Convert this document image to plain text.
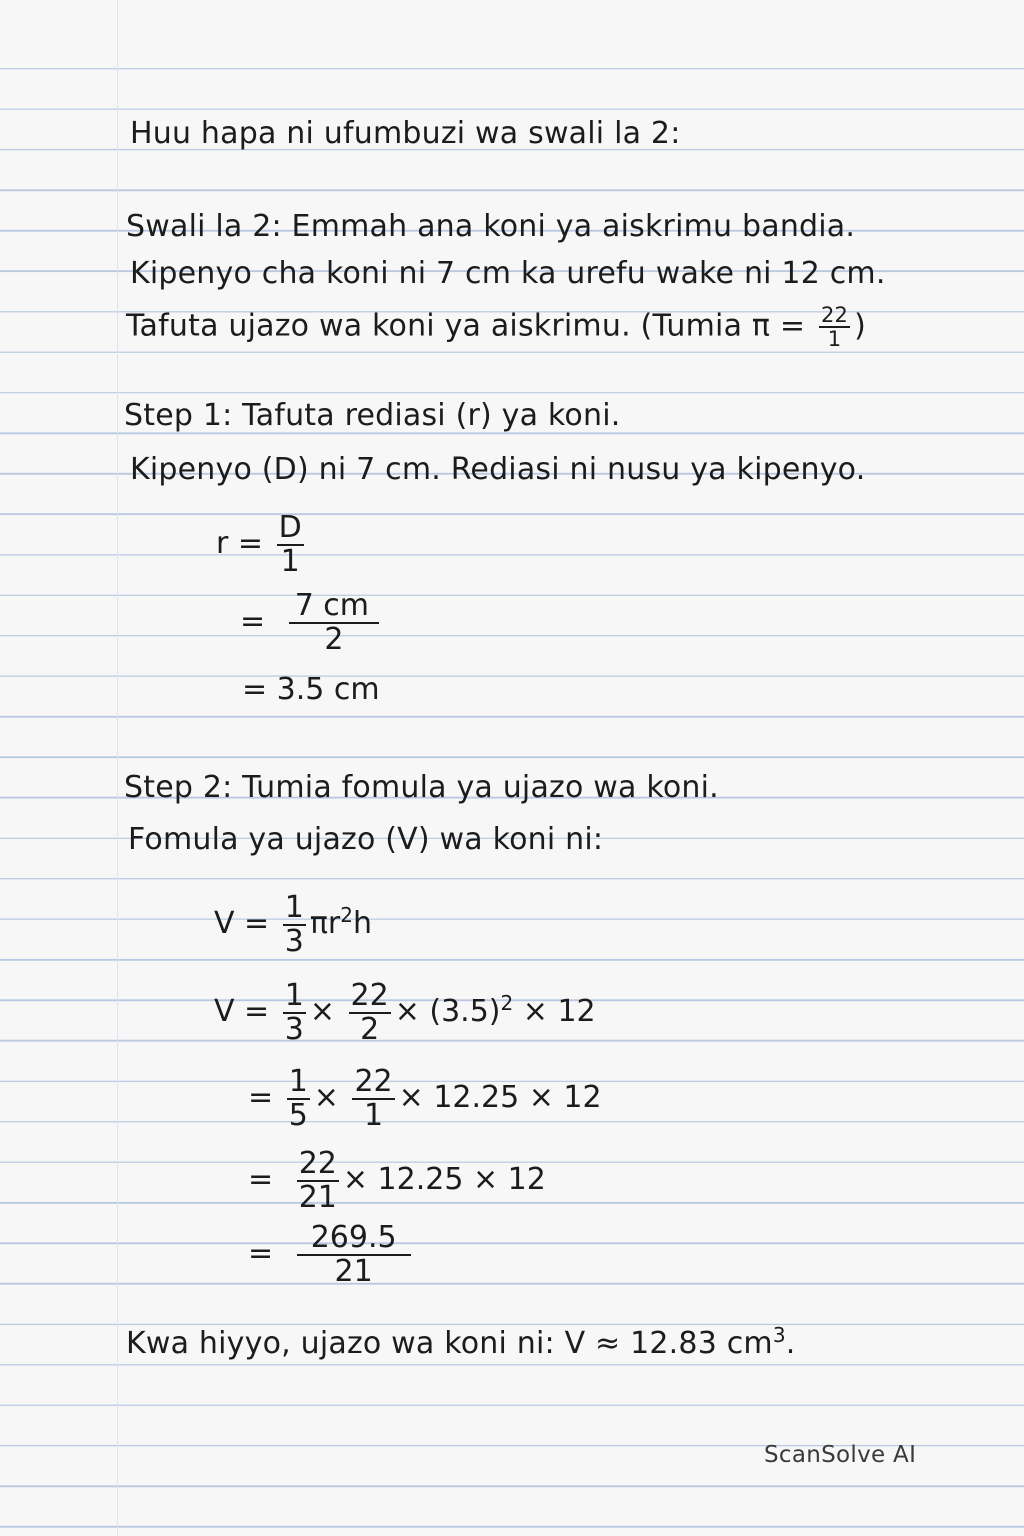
Huu hapa ni ufumbuzi wa swali la 2:
Swali la 2: Emmah ana koni ya aiskrimu bandia.
Kipenyo cha koni ni 7 cm ka urefu wake ni 12 cm.
Tafuta ujazo wa koni ya aiskrimu. (Tumia $\pi = \frac{22}{1}$ )
Step 1: Tafuta rediasi (r) ya koni.
Kipenyo (D) ni 7 cm. Rediasi ni nusu ya kipenyo.
$r = \frac{D}{1}$
= $\frac{7 cm}{2}$
= 3.5 cm
Step 2: Tumia fomula ya ujazo wa koni.
Fomula ya ujazo (V) wa koni ni:
$V = \frac{1}{3} \pi r^2h$
$V = \frac{1}{3} \times \frac{22}{2} \times (3.5)^2 \times 12$
= $\frac{1}{5} \times \frac{22}{1} \times 12.25 \times 12$
= $\frac{22}{21} \times 12.25 \times 12$
= $\frac{269.5}{21}$
Kwa hiyyo, ujazo wa koni ni: V ≈ 12.83 $cm^3$.
ScanSolve AI
